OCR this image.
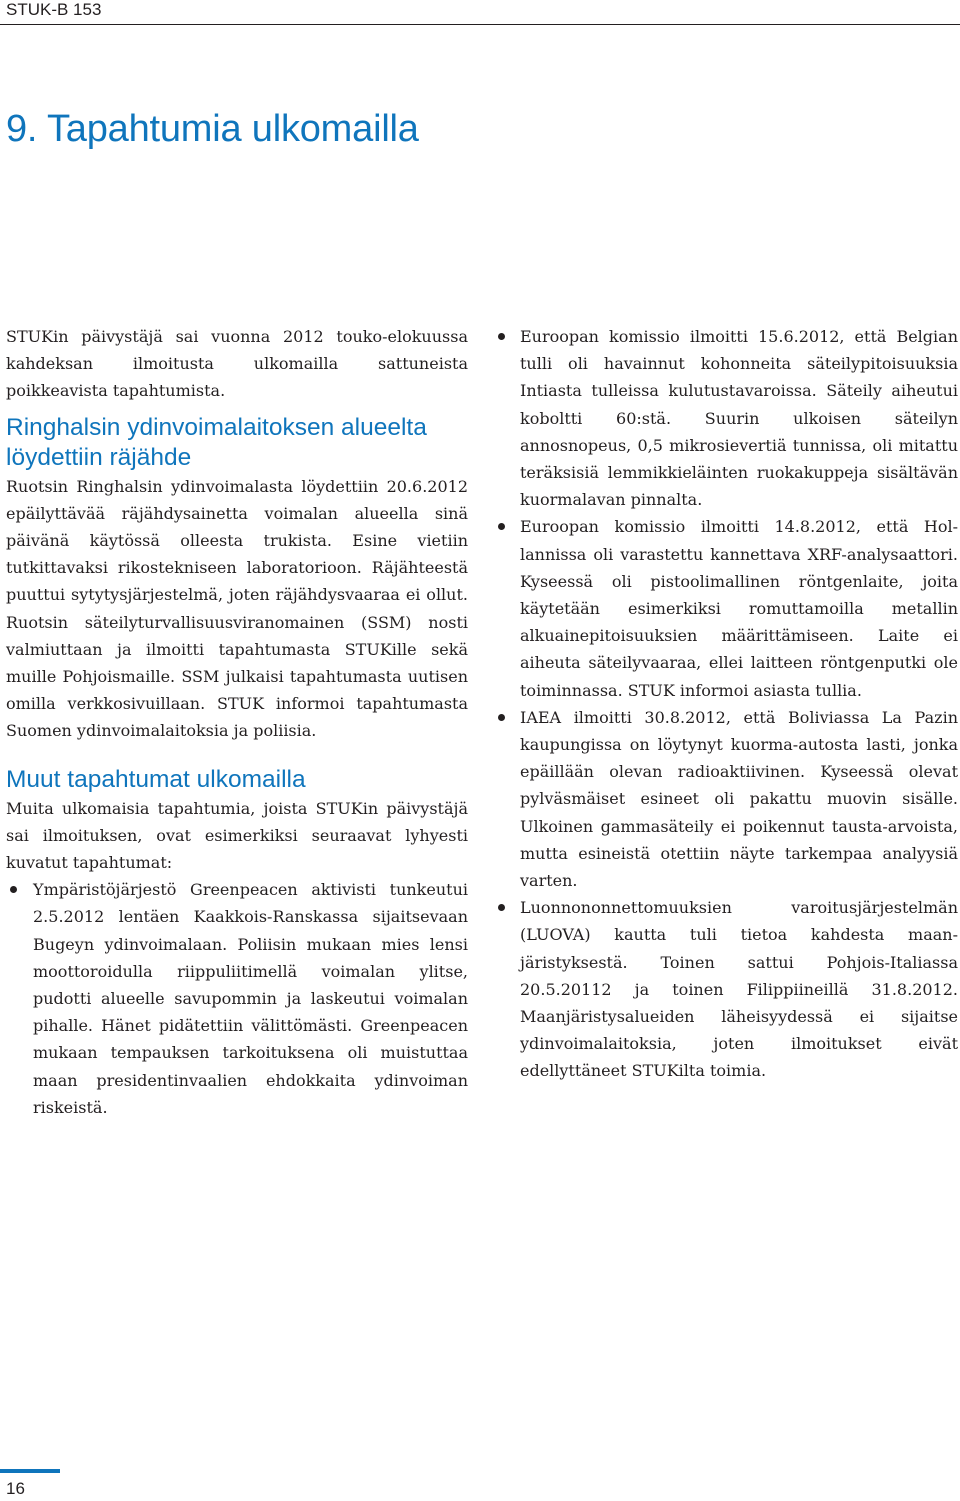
STUK-B 153
9. Tapahtumia ulkomailla

STUKin päivystäjä sai vuonna 2012 touko-elokuussa kahdeksan ilmoitusta ulkomailla sattuneista poikkeavista tapahtumista.

Ringhalsin ydinvoimalaitoksen alueelta löydettiin räjähde

Ruotsin Ringhalsin ydinvoimalasta löydettiin 20.6.2012 epäilyttävää räjähdysainetta voimalan alueella sinä päivänä käytössä olleesta trukista. Esine vietiin tutkittavaksi rikostekniseen laboratorioon. Räjähteestä puuttui sytytysjärjestelmä, joten räjähdysvaaraa ei ollut. Ruotsin säteilyturvallisuusviranomainen (SSM) nosti valmiuttaan ja ilmoitti tapahtumasta STUKille sekä muille Pohjoismaille. SSM julkaisi tapahtumasta uutisen omilla verkkosivuillaan. STUK informoi tapahtumasta Suomen ydinvoimalaitoksia ja poliisia.

Muut tapahtumat ulkomailla

Muita ulkomaisia tapahtumia, joista STUKin päivystäjä sai ilmoituksen, ovat esimerkiksi seuraavat lyhyesti kuvatut tapahtumat:

Ympäristöjärjestö Greenpeacen aktivisti tunkeutui 2.5.2012 lentäen Kaakkois-Ranskassa sijaitsevaan Bugeyn ydinvoimalaan. Poliisin mukaan mies lensi moottoroidulla riippuliitimellä voimalan ylitse, pudotti alueelle savupommin ja laskeutui voimalan pihalle. Hänet pidätettiin välittömästi. Greenpeacen mukaan tempauksen tarkoituksena oli muistuttaa maan presidentinvaalien ehdokkaita ydinvoiman riskeistä.
Euroopan komissio ilmoitti 15.6.2012, että Belgian tulli oli havainnut kohonneita säteilypitoisuuksia Intiasta tulleissa kulutustavaroissa. Säteily aiheutui koboltti 60:stä. Suurin ulkoisen säteilyn annosnopeus, 0,5 mikrosievertiä tunnissa, oli mitattu teräksisiä lemmikkieläinten ruokakuppeja sisältävän kuormalavan pinnalta.
Euroopan komissio ilmoitti 14.8.2012, että Hollannissa oli varastettu kannettava XRF-analysaattori. Kyseessä oli pistoolimallinen röntgenlaite, joita käytetään esimerkiksi romuttamoilla metallin alkuainepitoisuuksien määrittämiseen. Laite ei aiheuta säteilyvaaraa, ellei laitteen röntgenputki ole toiminnassa. STUK informoi asiasta tullia.
IAEA ilmoitti 30.8.2012, että Boliviassa La Pazin kaupungissa on löytynyt kuorma-autosta lasti, jonka epäillään olevan radioaktiivinen. Kyseessä olevat pylväsmäiset esineet oli pakattu muovin sisälle. Ulkoinen gammasäteily ei poikennut tausta-arvoista, mutta esineistä otettiin näyte tarkempaa analyysiä varten.
Luonnononnettomuuksien varoitusjärjestelmän (LUOVA) kautta tuli tietoa kahdesta maanjäristyksestä. Toinen sattui Pohjois-Italiassa 20.5.20112 ja toinen Filippiineillä 31.8.2012. Maanjäristysalueiden läheisyydessä ei sijaitse ydinvoimalaitoksia, joten ilmoitukset eivät edellyttäneet STUKilta toimia.
16
